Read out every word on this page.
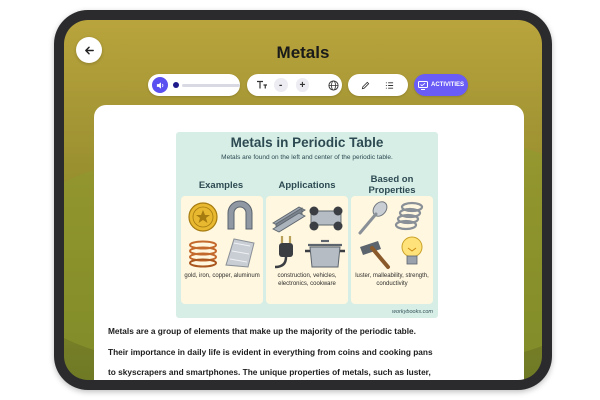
Metals
-	+	ACTIVITIES
Metals in Periodic Table
Metals are found on the left and center of the periodic table.
Examples
gold, iron, copper, aluminum
Applications
construction, vehicles, electronics, cookware
Based on Properties
luster, malleability, strength, conductivity
workybooks.com
Metals are a group of elements that make up the majority of the periodic table.
Their importance in daily life is evident in everything from coins and cooking pans
to skyscrapers and smartphones. The unique properties of metals, such as luster,
